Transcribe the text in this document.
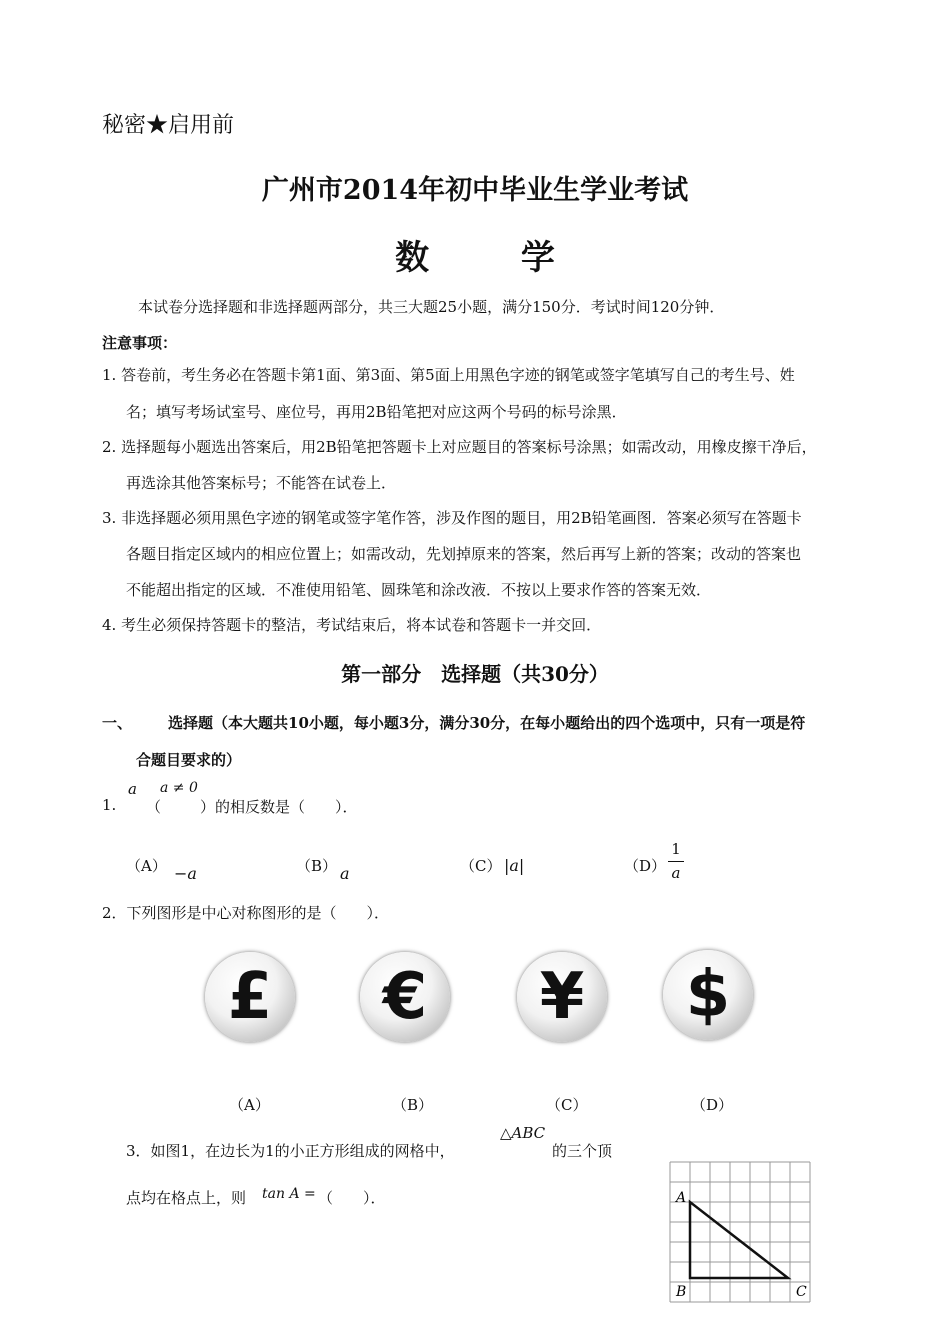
秘密★启用前
广州市2014年初中毕业生学业考试
数 学
本试卷分选择题和非选择题两部分，共三大题25小题，满分150分．考试时间120分钟．
注意事项：
1. 答卷前，考生务必在答题卡第1面、第3面、第5面上用黑色字迹的钢笔或签字笔填写自己的考生号、姓
名；填写考场试室号、座位号，再用2B铅笔把对应这两个号码的标号涂黑．
2. 选择题每小题选出答案后，用2B铅笔把答题卡上对应题目的答案标号涂黑；如需改动，用橡皮擦干净后，
再选涂其他答案标号；不能答在试卷上．
3. 非选择题必须用黑色字迹的钢笔或签字笔作答，涉及作图的题目，用2B铅笔画图．答案必须写在答题卡
各题目指定区域内的相应位置上；如需改动，先划掉原来的答案，然后再写上新的答案；改动的答案也
不能超出指定的区域．不准使用铅笔、圆珠笔和涂改液．不按以上要求作答的答案无效．
4. 考生必须保持答题卡的整洁，考试结束后，将本试卷和答题卡一并交回．
第一部分　选择题（共30分）
一、 选择题（本大题共10小题，每小题3分，满分30分，在每小题给出的四个选项中，只有一项是符
合题目要求的）
1.
a
（
a ≠ 0
）的相反数是（　　）．
（A） −a	（B） a	（C） |a|	（D）
1
a
2．下列图形是中心对称图形的是（　　）．
£	€	¥	$
（A）	（B）	（C）	（D）
3．如图1，在边长为1的小正方形组成的网格中，
△ABC
的三个顶
点均在格点上，则 tan A = （　　）．	A
B	C
